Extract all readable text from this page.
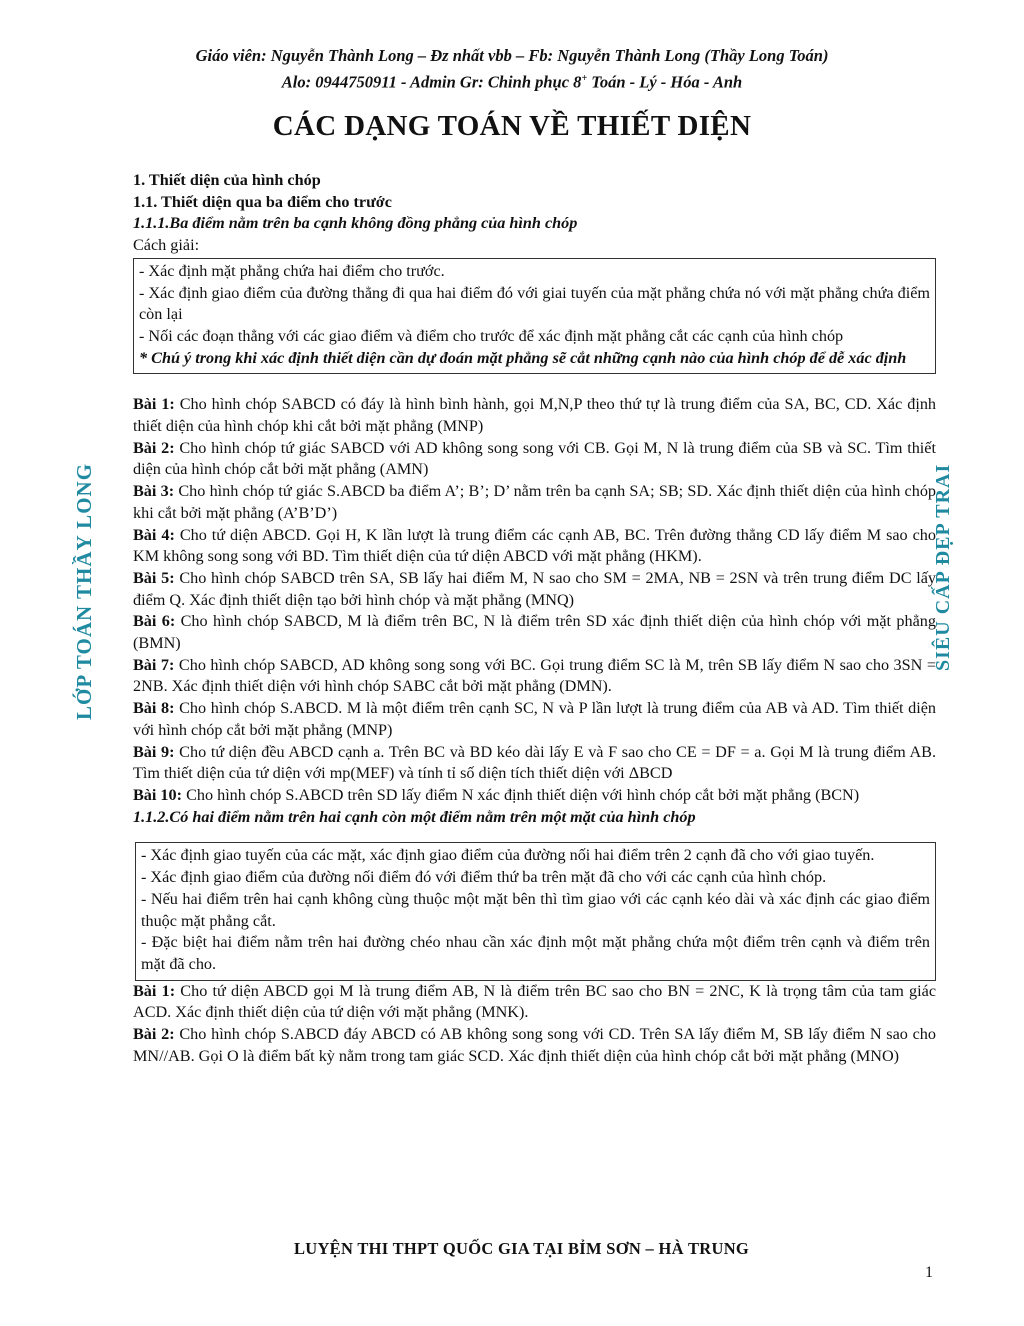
Giáo viên: Nguyễn Thành Long – Đz nhất vbb – Fb: Nguyễn Thành Long (Thầy Long Toán)
Alo: 0944750911 - Admin Gr: Chinh phục 8+ Toán - Lý - Hóa - Anh
CÁC DẠNG TOÁN VỀ THIẾT DIỆN
LỚP TOÁN THẦY LONG	SIÊU CẤP ĐẸP TRAI
1. Thiết diện của hình chóp
1.1. Thiết diện qua ba điểm cho trước
1.1.1.Ba điểm nằm trên ba cạnh không đồng phẳng của hình chóp
Cách giải:

- Xác định mặt phẳng chứa hai điểm cho trước.

- Xác định giao điểm của đường thẳng đi qua hai điểm đó với giai tuyến của mặt phẳng chứa nó với mặt phẳng chứa điểm còn lại

- Nối các đoạn thẳng với các giao điểm và điểm cho trước để xác định mặt phẳng cắt các cạnh của hình chóp

* Chú ý trong khi xác định thiết diện cần dự đoán mặt phẳng sẽ cắt những cạnh nào của hình chóp để dễ xác định

Bài 1: Cho hình chóp SABCD có đáy là hình bình hành, gọi M,N,P theo thứ tự là trung điểm của SA, BC, CD. Xác định thiết diện của hình chóp khi cắt bởi mặt phẳng (MNP)

Bài 2: Cho hình chóp tứ giác SABCD với AD không song song với CB. Gọi M, N là trung điểm của SB và SC. Tìm thiết diện của hình chóp cắt bởi mặt phẳng (AMN)

Bài 3: Cho hình chóp tứ giác S.ABCD ba điểm A’; B’; D’ nằm trên ba cạnh SA; SB; SD. Xác định thiết diện của hình chóp khi cắt bởi mặt phẳng (A’B’D’)

Bài 4: Cho tứ diện ABCD. Gọi H, K lần lượt là trung điểm các cạnh AB, BC. Trên đường thẳng CD lấy điểm M sao cho KM không song song với BD. Tìm thiết diện của tứ diện ABCD với mặt phẳng (HKM).

Bài 5: Cho hình chóp SABCD trên SA, SB lấy hai điểm M, N sao cho SM = 2MA, NB = 2SN và trên trung điểm DC lấy điểm Q. Xác định thiết diện tạo bởi hình chóp và mặt phẳng (MNQ)

Bài 6: Cho hình chóp SABCD, M là điểm trên BC, N là điểm trên SD xác định thiết diện của hình chóp với mặt phẳng (BMN)

Bài 7: Cho hình chóp SABCD, AD không song song với BC. Gọi trung điểm SC là M, trên SB lấy điểm N sao cho 3SN = 2NB. Xác định thiết diện với hình chóp SABC cắt bởi mặt phẳng (DMN).

Bài 8: Cho hình chóp S.ABCD. M là một điểm trên cạnh SC, N và P lần lượt là trung điểm của AB và AD. Tìm thiết diện với hình chóp cắt bởi mặt phẳng (MNP)

Bài 9: Cho tứ diện đều ABCD cạnh a. Trên BC và BD kéo dài lấy E và F sao cho CE = DF = a. Gọi M là trung điểm AB. Tìm thiết diện của tứ diện với mp(MEF) và tính tỉ số diện tích thiết diện với ΔBCD

Bài 10: Cho hình chóp S.ABCD trên SD lấy điểm N xác định thiết diện với hình chóp cắt bởi mặt phẳng (BCN)

1.1.2.Có hai điểm nằm trên hai cạnh còn một điểm nằm trên một mặt của hình chóp

- Xác định giao tuyến của các mặt, xác định giao điểm của đường nối hai điểm trên 2 cạnh đã cho với giao tuyến.

- Xác định giao điểm của đường nối điểm đó với điểm thứ ba trên mặt đã cho với các cạnh của hình chóp.

- Nếu hai điểm trên hai cạnh không cùng thuộc một mặt bên thì tìm giao với các cạnh kéo dài và xác định các giao điểm thuộc mặt phẳng cắt.

- Đặc biệt hai điểm nằm trên hai đường chéo nhau cần xác định một mặt phẳng chứa một điểm trên cạnh và điểm trên mặt đã cho.

Bài 1: Cho tứ diện ABCD gọi M là trung điểm AB, N là điểm trên BC sao cho BN = 2NC, K là trọng tâm của tam giác ACD. Xác định thiết diện của tứ diện với mặt phẳng (MNK).

Bài 2: Cho hình chóp S.ABCD đáy ABCD có AB không song song với CD. Trên SA lấy điểm M, SB lấy điểm N sao cho MN//AB. Gọi O là điểm bất kỳ nằm trong tam giác SCD. Xác định thiết diện của hình chóp cắt bởi mặt phẳng (MNO)

LUYỆN THI THPT QUỐC GIA TẠI BỈM SƠN – HÀ TRUNG
1
